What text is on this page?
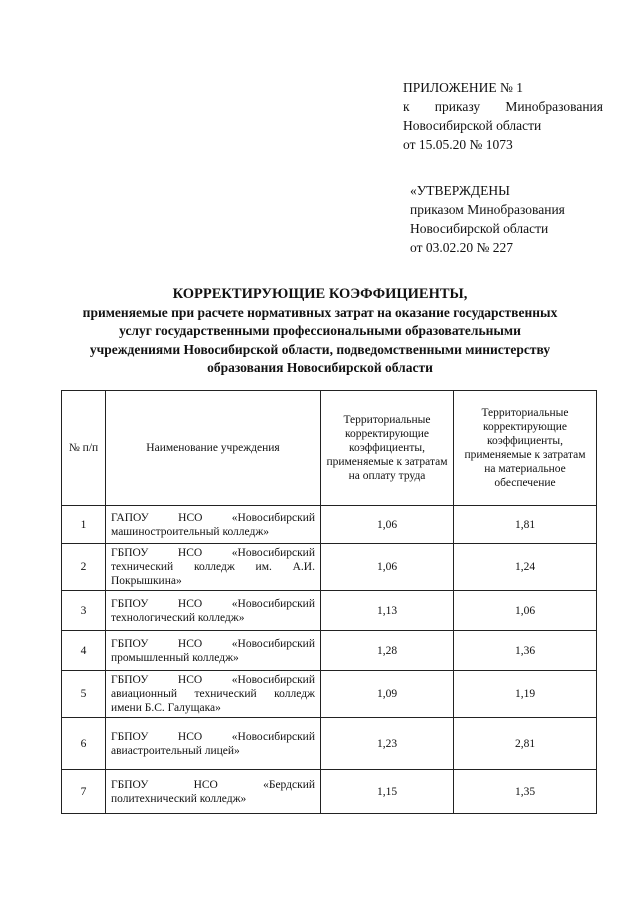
ПРИЛОЖЕНИЕ № 1
к приказу Минобразования
Новосибирской области
от 15.05.20 № 1073
«УТВЕРЖДЕНЫ
приказом Минобразования
Новосибирской области
от 03.02.20 № 227
КОРРЕКТИРУЮЩИЕ КОЭФФИЦИЕНТЫ,
применяемые при расчете нормативных затрат на оказание государственных
услуг государственными профессиональными образовательными
учреждениями Новосибирской области, подведомственными министерству
образования Новосибирской области
№ п/п	Наименование учреждения	Территориальные корректирующие коэффициенты, применяемые к затратам на оплату труда	Территориальные корректирующие коэффициенты, применяемые к затратам на материальное обеспечение
1	ГАПОУ НСО «Новосибирский машиностроительный колледж»	1,06	1,81
2	ГБПОУ НСО «Новосибирский технический колледж им. А.И. Покрышкина»	1,06	1,24
3	ГБПОУ НСО «Новосибирский технологический колледж»	1,13	1,06
4	ГБПОУ НСО «Новосибирский промышленный колледж»	1,28	1,36
5	ГБПОУ НСО «Новосибирский авиационный технический колледж имени Б.С. Галущака»	1,09	1,19
6	ГБПОУ НСО «Новосибирский авиастроительный лицей»	1,23	2,81
7	ГБПОУ НСО «Бердский политехнический колледж»	1,15	1,35
